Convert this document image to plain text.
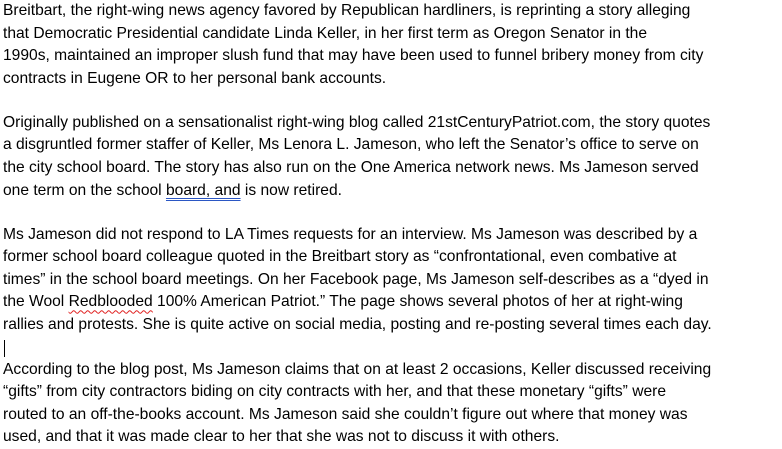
Breitbart, the right-wing news agency favored by Republican hardliners, is reprinting a story alleging
that Democratic Presidential candidate Linda Keller, in her first term as Oregon Senator in the
1990s, maintained an improper slush fund that may have been used to funnel bribery money from city
contracts in Eugene OR to her personal bank accounts.
Originally published on a sensationalist right-wing blog called 21stCenturyPatriot.com, the story quotes
a disgruntled former staffer of Keller, Ms Lenora L. Jameson, who left the Senator’s office to serve on
the city school board. The story has also run on the One America network news. Ms Jameson served
one term on the school board, and is now retired.
Ms Jameson did not respond to LA Times requests for an interview. Ms Jameson was described by a
former school board colleague quoted in the Breitbart story as “confrontational, even combative at
times” in the school board meetings. On her Facebook page, Ms Jameson self-describes as a “dyed in
the Wool Redblooded 100% American Patriot.” The page shows several photos of her at right-wing
rallies and protests. She is quite active on social media, posting and re-posting several times each day.
According to the blog post, Ms Jameson claims that on at least 2 occasions, Keller discussed receiving
“gifts” from city contractors biding on city contracts with her, and that these monetary “gifts” were
routed to an off-the-books account. Ms Jameson said she couldn’t figure out where that money was
used, and that it was made clear to her that she was not to discuss it with others.
